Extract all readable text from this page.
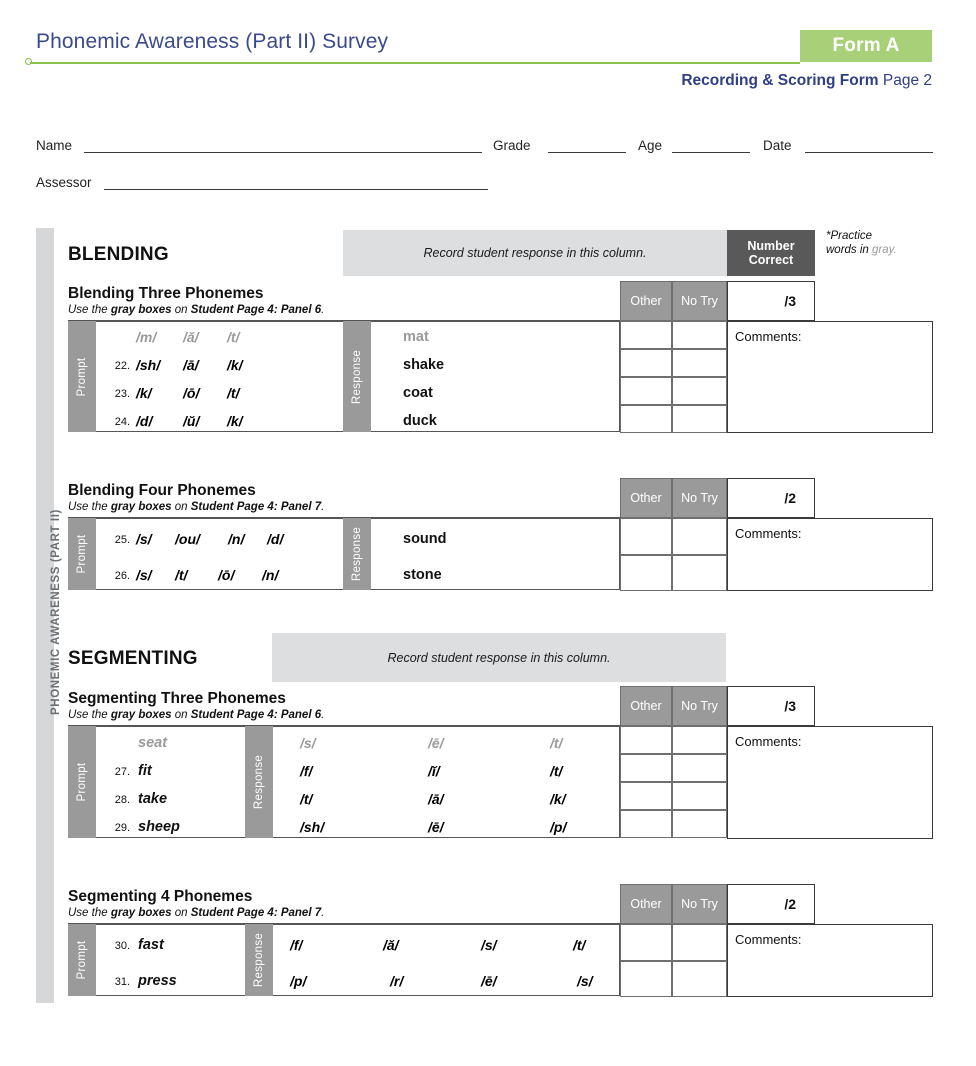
Phonemic Awareness (Part II) Survey	Form A
Recording & Scoring Form Page 2
Name	Grade	Age	Date
Assessor
PHONEMIC AWARENESS (PART II)
BLENDING	Record student response in this column.
Number
Correct
*Practice
words in gray.
Blending Three Phonemes
Use the gray boxes on Student Page 4: Panel 6.
Other	No Try	/3
Prompt	Response
/m/ /ă/ /t/	mat
22. /sh/ /ā/ /k/	shake
23. /k/ /ō/ /t/	coat
24. /d/ /ŭ/ /k/	duck
Comments:
Blending Four Phonemes
Use the gray boxes on Student Page 4: Panel 7.
Other	No Try	/2
Prompt	Response
25. /s/ /ou/ /n/ /d/	sound
26. /s/ /t/ /ō/ /n/	stone
Comments:
SEGMENTING	Record student response in this column.
Segmenting Three Phonemes
Use the gray boxes on Student Page 4: Panel 6.
Other	No Try	/3
Prompt	Response
seat	/s/	/ē/	/t/
27. fit	/f/	/ĭ/	/t/
28. take	/t/	/ā/	/k/
29. sheep	/sh/	/ē/	/p/
Comments:
Segmenting 4 Phonemes
Use the gray boxes on Student Page 4: Panel 7.
Other	No Try	/2
Prompt	Response
30. fast	/f/	/ă/	/s/	/t/
31. press	/p/	/r/	/ē/	/s/
Comments:
